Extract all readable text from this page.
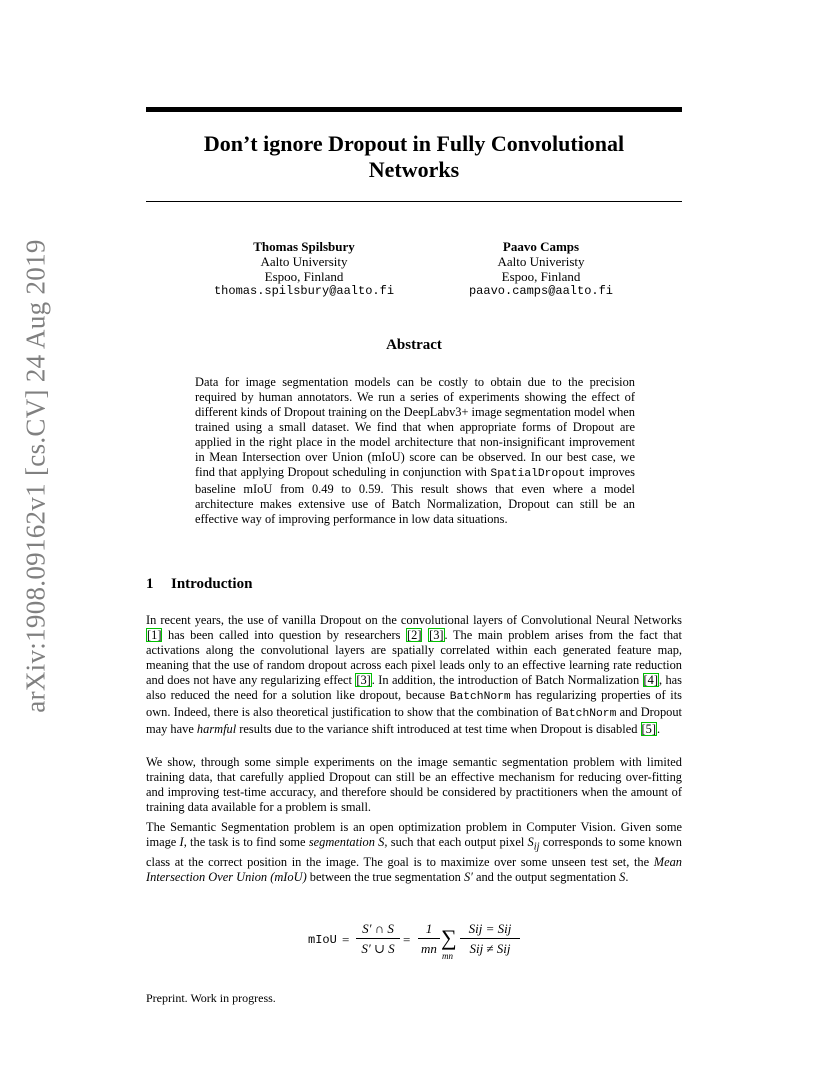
arXiv:1908.09162v1 [cs.CV] 24 Aug 2019
Don’t ignore Dropout in Fully Convolutional
Networks
Thomas Spilsbury
Aalto University
Espoo, Finland
thomas.spilsbury@aalto.fi
Paavo Camps
Aalto Univeristy
Espoo, Finland
paavo.camps@aalto.fi
Abstract
Data for image segmentation models can be costly to obtain due to the precision required by human annotators. We run a series of experiments showing the effect of different kinds of Dropout training on the DeepLabv3+ image segmentation model when trained using a small dataset. We find that when appropriate forms of Dropout are applied in the right place in the model architecture that non-insignificant improvement in Mean Intersection over Union (mIoU) score can be observed. In our best case, we find that applying Dropout scheduling in conjunction with SpatialDropout improves baseline mIoU from 0.49 to 0.59. This result shows that even where a model architecture makes extensive use of Batch Normalization, Dropout can still be an effective way of improving performance in low data situations.
1 Introduction
In recent years, the use of vanilla Dropout on the convolutional layers of Convolutional Neural Networks [1] has been called into question by researchers [2] [3]. The main problem arises from the fact that activations along the convolutional layers are spatially correlated within each generated feature map, meaning that the use of random dropout across each pixel leads only to an effective learning rate reduction and does not have any regularizing effect [3]. In addition, the introduction of Batch Normalization [4], has also reduced the need for a solution like dropout, because BatchNorm has regularizing properties of its own. Indeed, there is also theoretical justification to show that the combination of BatchNorm and Dropout may have harmful results due to the variance shift introduced at test time when Dropout is disabled [5].
We show, through some simple experiments on the image semantic segmentation problem with limited training data, that carefully applied Dropout can still be an effective mechanism for reducing over-fitting and improving test-time accuracy, and therefore should be considered by practitioners when the amount of training data available for a problem is small.
The Semantic Segmentation problem is an open optimization problem in Computer Vision. Given some image I, the task is to find some segmentation S, such that each output pixel $S_{ij}$ corresponds to some known class at the correct position in the image. The goal is to maximize over some unseen test set, the Mean Intersection Over Union (mIoU) between the true segmentation S′ and the output segmentation S.
mIoU =
S′ ∩ S
S′ ∪ S
=
1
mn ∑
mn
Sij = Sij
Sij ≠ Sij
Preprint. Work in progress.
